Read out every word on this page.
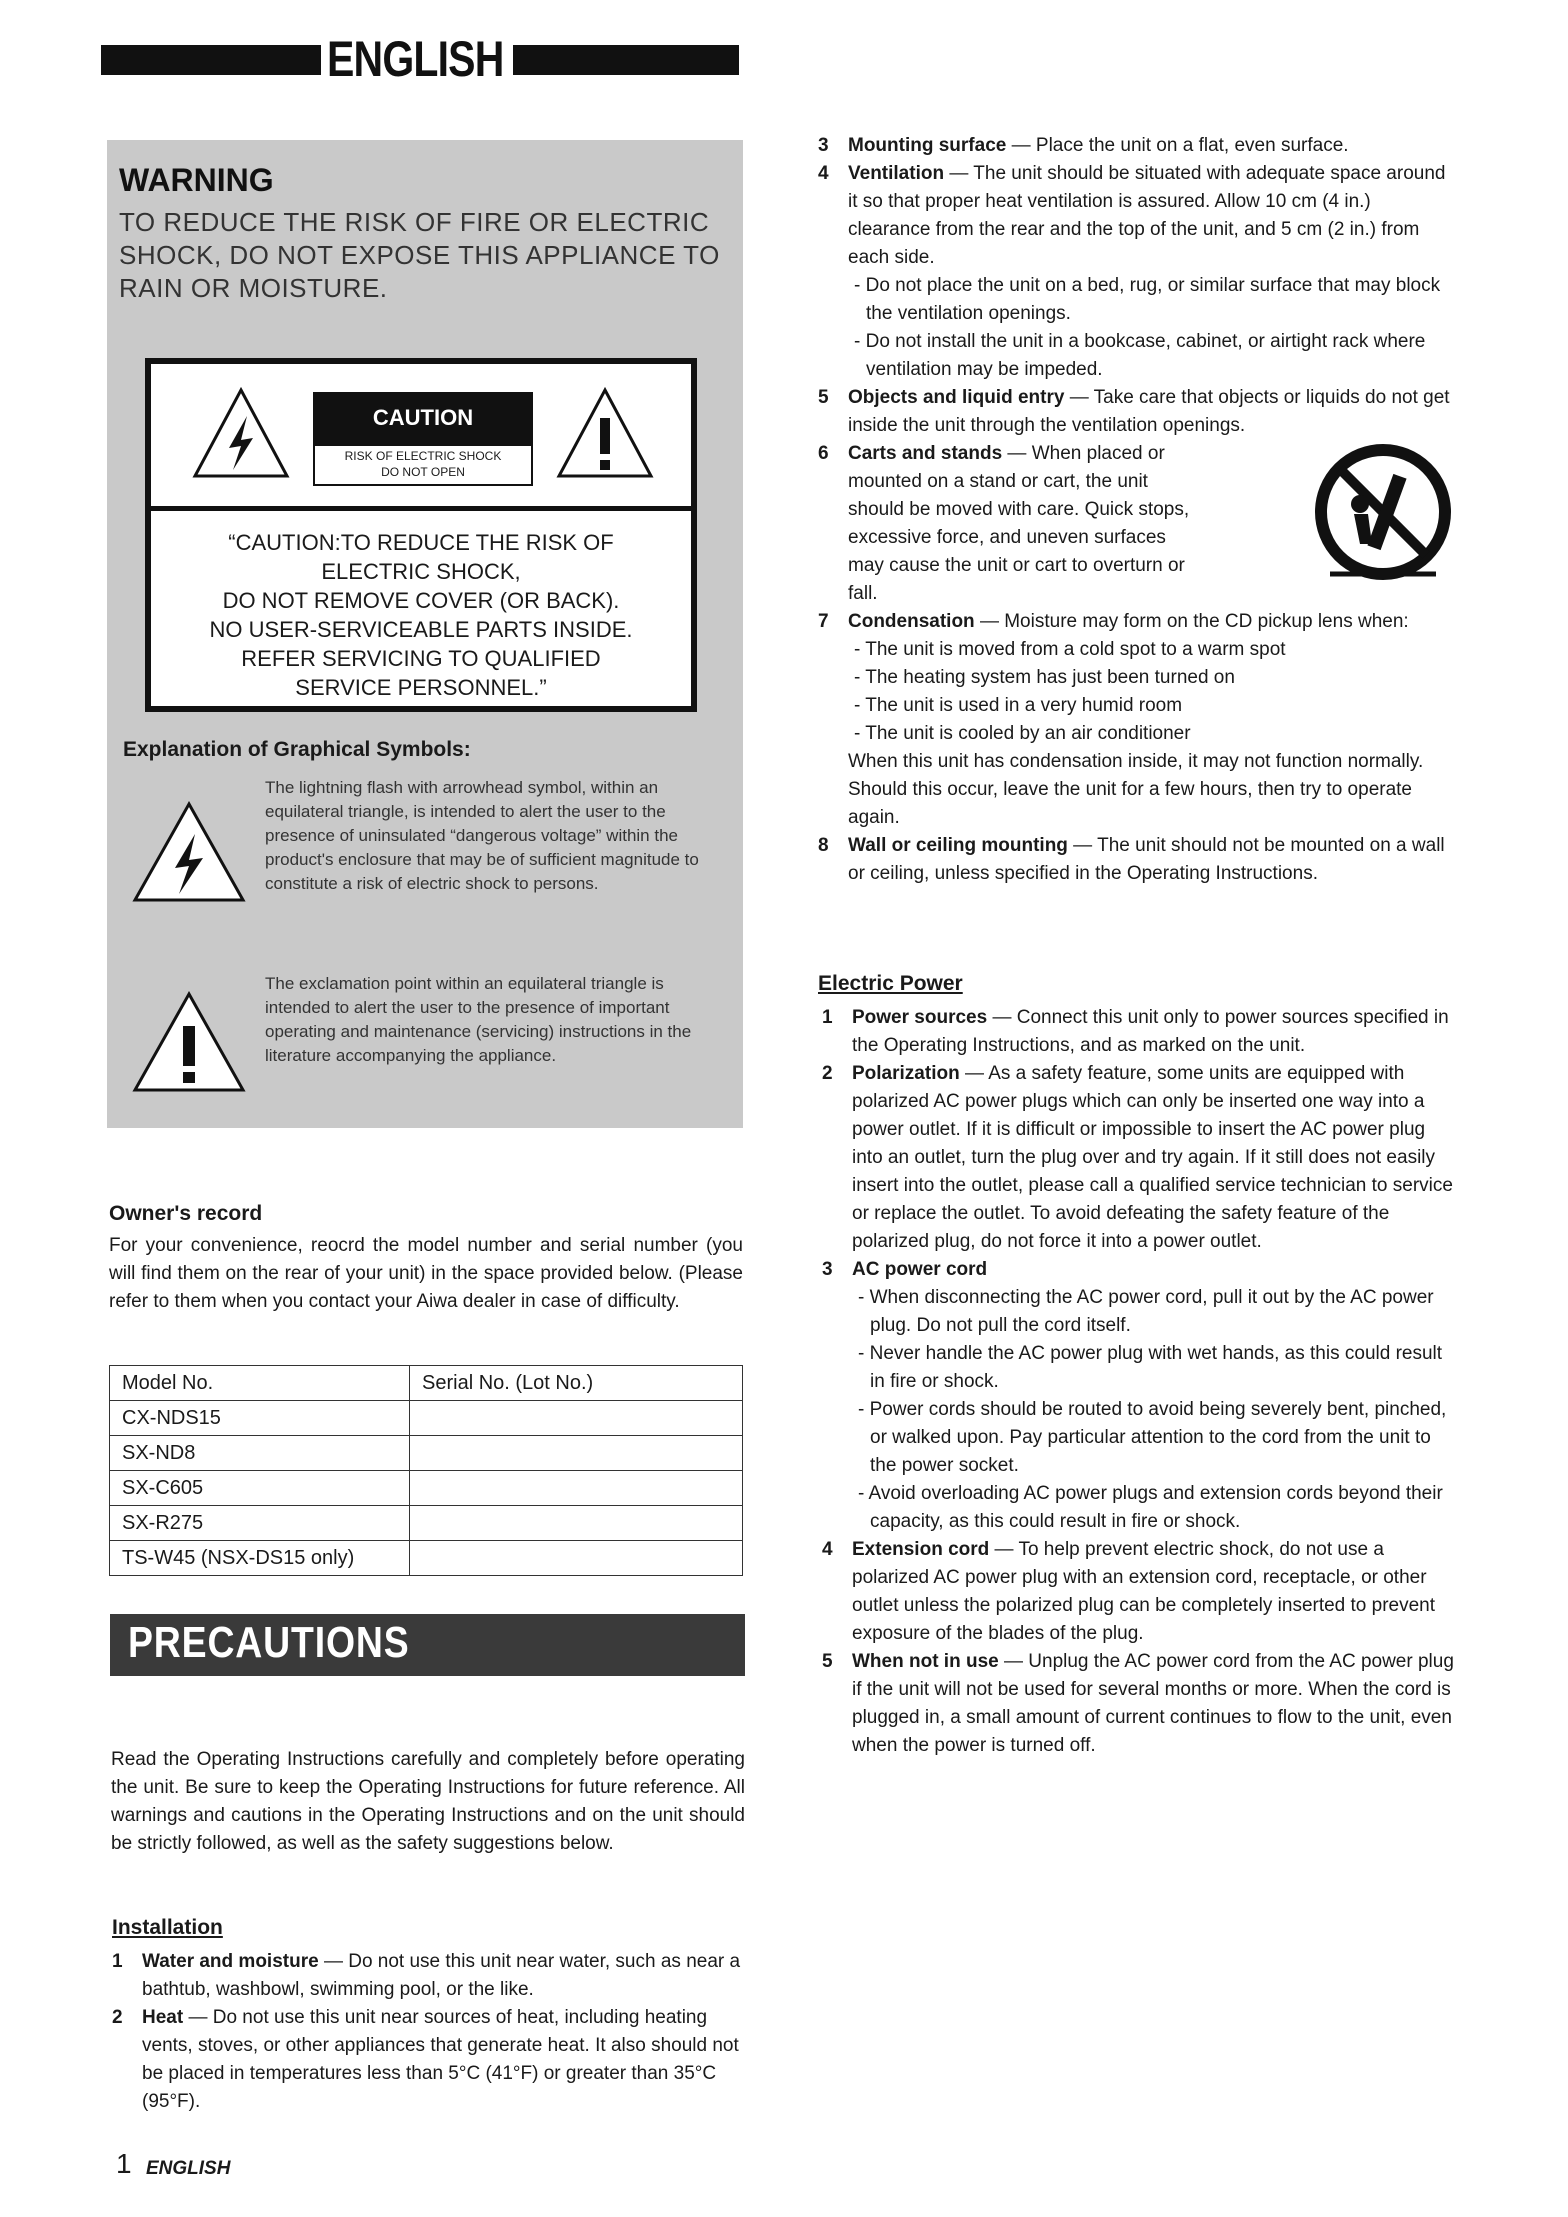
ENGLISH
WARNING
TO REDUCE THE RISK OF FIRE OR ELECTRIC SHOCK, DO NOT EXPOSE THIS APPLIANCE TO RAIN OR MOISTURE.
CAUTION
RISK OF ELECTRIC SHOCK
DO NOT OPEN
“CAUTION:TO REDUCE THE RISK OF
ELECTRIC SHOCK,
DO NOT REMOVE COVER (OR BACK).
NO USER-SERVICEABLE PARTS INSIDE.
REFER SERVICING TO QUALIFIED
SERVICE PERSONNEL.”
Explanation of Graphical Symbols:
The lightning flash with arrowhead symbol, within an equilateral triangle, is intended to alert the user to the presence of uninsulated “dangerous voltage” within the product's enclosure that may be of sufficient magnitude to constitute a risk of electric shock to persons.
The exclamation point within an equilateral triangle is intended to alert the user to the presence of important operating and maintenance (servicing) instructions in the literature accompanying the appliance.
Owner's record
For your convenience, reocrd the model number and serial number (you will find them on the rear of your unit) in the space provided below. (Please refer to them when you contact your Aiwa dealer in case of difficulty.
Model No.	Serial No. (Lot No.)
CX-NDS15	
SX-ND8	
SX-C605	
SX-R275	
TS-W45 (NSX-DS15 only)	
PRECAUTIONS
Read the Operating Instructions carefully and completely before operating the unit. Be sure to keep the Operating Instructions for future reference. All warnings and cautions in the Operating Instructions and on the unit should be strictly followed, as well as the safety suggestions below.
Installation
1 Water and moisture — Do not use this unit near water, such as near a bathtub, washbowl, swimming pool, or the like.
2 Heat — Do not use this unit near sources of heat, including heating vents, stoves, or other appliances that generate heat. It also should not be placed in temperatures less than 5°C (41°F) or greater than 35°C (95°F).
3 Mounting surface — Place the unit on a flat, even surface.
4 Ventilation — The unit should be situated with adequate space around it so that proper heat ventilation is assured. Allow 10 cm (4 in.) clearance from the rear and the top of the unit, and 5 cm (2 in.) from each side.
- Do not place the unit on a bed, rug, or similar surface that may block the ventilation openings.
- Do not install the unit in a bookcase, cabinet, or airtight rack where ventilation may be impeded.
5 Objects and liquid entry — Take care that objects or liquids do not get inside the unit through the ventilation openings.
6 Carts and stands — When placed or mounted on a stand or cart, the unit should be moved with care. Quick stops, excessive force, and uneven surfaces may cause the unit or cart to overturn or fall.
7 Condensation — Moisture may form on the CD pickup lens when:
- The unit is moved from a cold spot to a warm spot
- The heating system has just been turned on
- The unit is used in a very humid room
- The unit is cooled by an air conditioner
When this unit has condensation inside, it may not function normally. Should this occur, leave the unit for a few hours, then try to operate again.
8 Wall or ceiling mounting — The unit should not be mounted on a wall or ceiling, unless specified in the Operating Instructions.
Electric Power
1 Power sources — Connect this unit only to power sources specified in the Operating Instructions, and as marked on the unit.
2 Polarization — As a safety feature, some units are equipped with polarized AC power plugs which can only be inserted one way into a power outlet. If it is difficult or impossible to insert the AC power plug into an outlet, turn the plug over and try again. If it still does not easily insert into the outlet, please call a qualified service technician to service or replace the outlet. To avoid defeating the safety feature of the polarized plug, do not force it into a power outlet.
3 AC power cord
- When disconnecting the AC power cord, pull it out by the AC power plug. Do not pull the cord itself.
- Never handle the AC power plug with wet hands, as this could result in fire or shock.
- Power cords should be routed to avoid being severely bent, pinched, or walked upon. Pay particular attention to the cord from the unit to the power socket.
- Avoid overloading AC power plugs and extension cords beyond their capacity, as this could result in fire or shock.
4 Extension cord — To help prevent electric shock, do not use a polarized AC power plug with an extension cord, receptacle, or other outlet unless the polarized plug can be completely inserted to prevent exposure of the blades of the plug.
5 When not in use — Unplug the AC power cord from the AC power plug if the unit will not be used for several months or more. When the cord is plugged in, a small amount of current continues to flow to the unit, even when the power is turned off.
1 ENGLISH
